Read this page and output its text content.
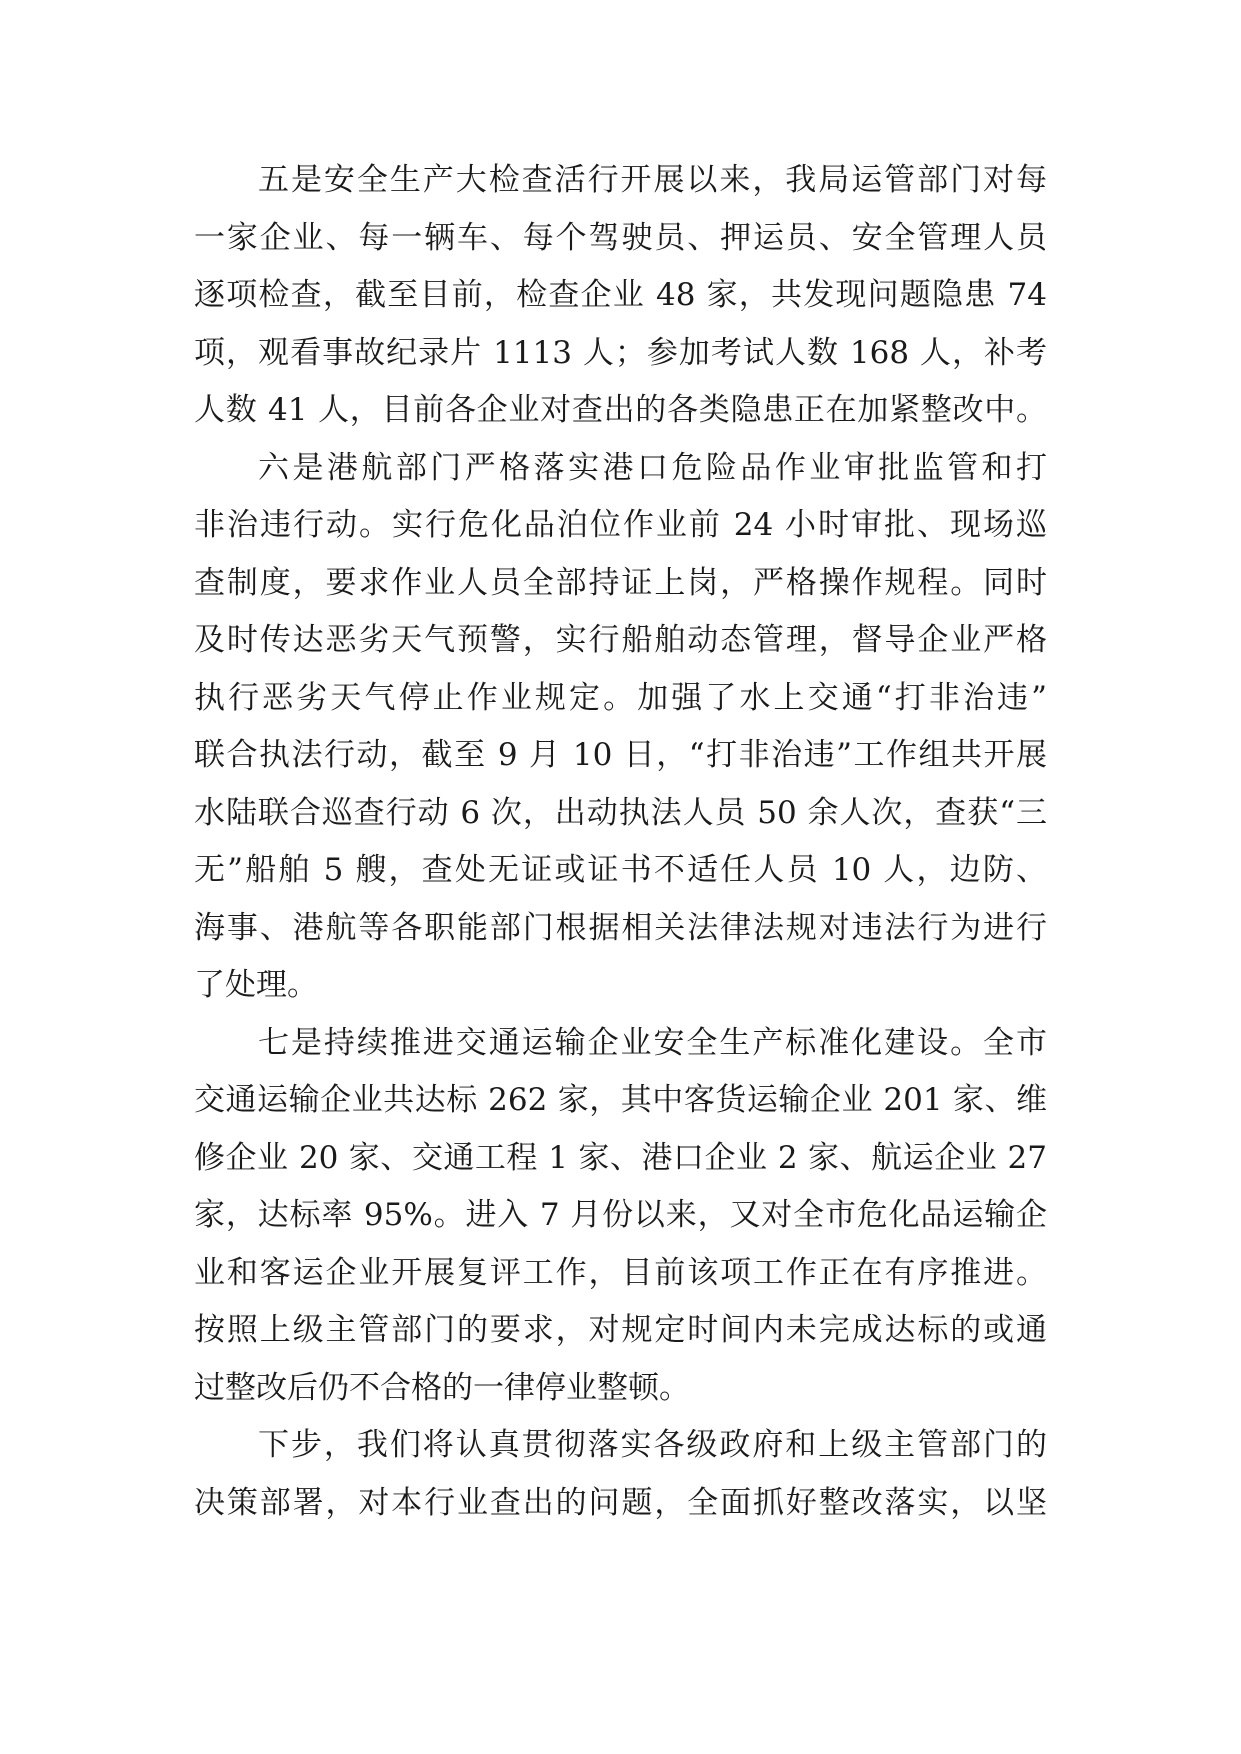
五是安全生产大检查活行开展以来，我局运管部门对每
一家企业、每一辆车、每个驾驶员、押运员、安全管理人员
逐项检查，截至目前，检查企业 48 家，共发现问题隐患 74
项，观看事故纪录片 1113 人；参加考试人数 168 人，补考
人数 41 人，目前各企业对查出的各类隐患正在加紧整改中。
六是港航部门严格落实港口危险品作业审批监管和打
非治违行动。实行危化品泊位作业前 24 小时审批、现场巡
查制度，要求作业人员全部持证上岗，严格操作规程。同时
及时传达恶劣天气预警，实行船舶动态管理，督导企业严格
执行恶劣天气停止作业规定。加强了水上交通“打非治违”
联合执法行动，截至 9 月 10 日，“打非治违”工作组共开展
水陆联合巡查行动 6 次，出动执法人员 50 余人次，查获“三
无”船舶 5 艘，查处无证或证书不适任人员 10 人，边防、
海事、港航等各职能部门根据相关法律法规对违法行为进行
了处理。
七是持续推进交通运输企业安全生产标准化建设。全市
交通运输企业共达标 262 家，其中客货运输企业 201 家、维
修企业 20 家、交通工程 1 家、港口企业 2 家、航运企业 27
家，达标率 95%。进入 7 月份以来，又对全市危化品运输企
业和客运企业开展复评工作，目前该项工作正在有序推进。
按照上级主管部门的要求，对规定时间内未完成达标的或通
过整改后仍不合格的一律停业整顿。
下步，我们将认真贯彻落实各级政府和上级主管部门的
决策部署，对本行业查出的问题，全面抓好整改落实，以坚
